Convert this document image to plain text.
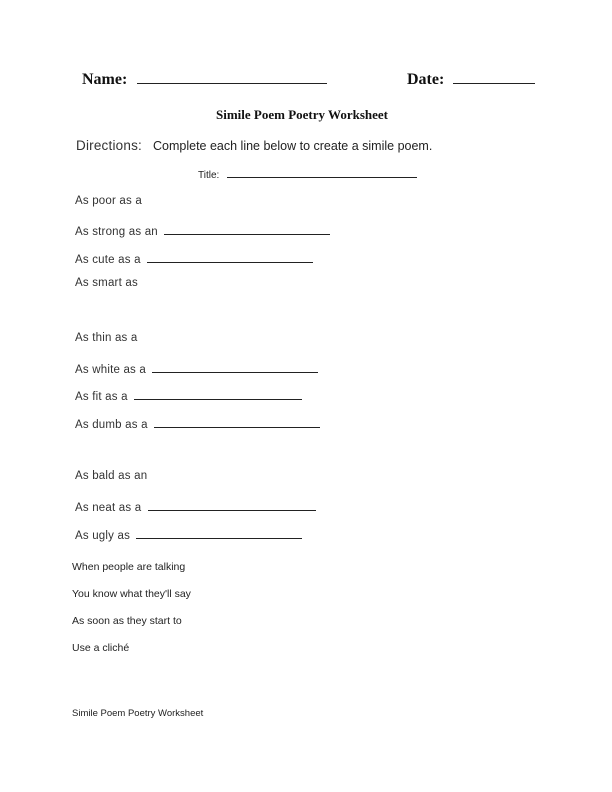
Name:	Date:
Simile Poem Poetry Worksheet
Directions: Complete each line below to create a simile poem.
Title:
As poor as a
As strong as an
As cute as a
As smart as
As thin as a
As white as a
As fit as a
As dumb as a
As bald as an
As neat as a
As ugly as
When people are talking
You know what they'll say
As soon as they start to
Use a cliché
Simile Poem Poetry Worksheet
